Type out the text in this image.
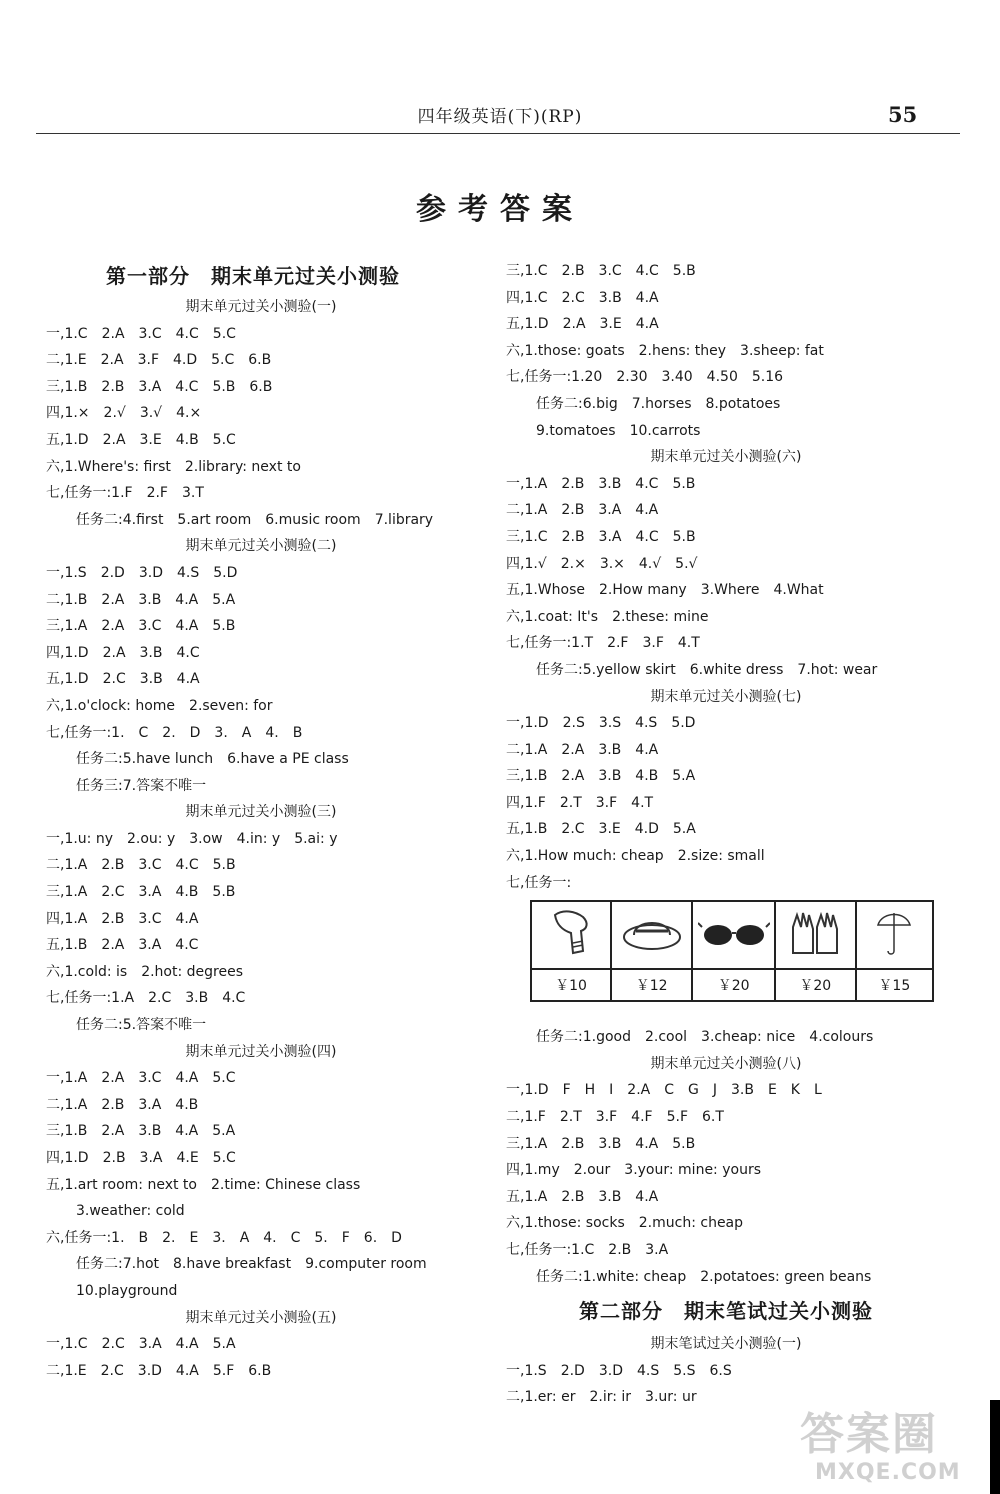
四年级英语(下)(RP)	55
参考答案
第一部分　期末单元过关小测验
期末单元过关小测验(一)
一,1.C　2.A　3.C　4.C　5.C
二,1.E　2.A　3.F　4.D　5.C　6.B
三,1.B　2.B　3.A　4.C　5.B　6.B
四,1.×　2.√　3.√　4.×
五,1.D　2.A　3.E　4.B　5.C
六,1.Where's: first　2.library: next to
七,任务一:1.F　2.F　3.T
任务二:4.first　5.art room　6.music room　7.library
期末单元过关小测验(二)
一,1.S　2.D　3.D　4.S　5.D
二,1.B　2.A　3.B　4.A　5.A
三,1.A　2.A　3.C　4.A　5.B
四,1.D　2.A　3.B　4.C
五,1.D　2.C　3.B　4.A
六,1.o'clock: home　2.seven: for
七,任务一:1.　C　2.　D　3.　A　4.　B
任务二:5.have lunch　6.have a PE class
任务三:7.答案不唯一
期末单元过关小测验(三)
一,1.u: ny　2.ou: y　3.ow　4.in: y　5.ai: y
二,1.A　2.B　3.C　4.C　5.B
三,1.A　2.C　3.A　4.B　5.B
四,1.A　2.B　3.C　4.A
五,1.B　2.A　3.A　4.C
六,1.cold: is　2.hot: degrees
七,任务一:1.A　2.C　3.B　4.C
任务二:5.答案不唯一
期末单元过关小测验(四)
一,1.A　2.A　3.C　4.A　5.C
二,1.A　2.B　3.A　4.B
三,1.B　2.A　3.B　4.A　5.A
四,1.D　2.B　3.A　4.E　5.C
五,1.art room: next to　2.time: Chinese class
3.weather: cold
六,任务一:1.　B　2.　E　3.　A　4.　C　5.　F　6.　D
任务二:7.hot　8.have breakfast　9.computer room
10.playground
期末单元过关小测验(五)
一,1.C　2.C　3.A　4.A　5.A
二,1.E　2.C　3.D　4.A　5.F　6.B
三,1.C　2.B　3.C　4.C　5.B
四,1.C　2.C　3.B　4.A
五,1.D　2.A　3.E　4.A
六,1.those: goats　2.hens: they　3.sheep: fat
七,任务一:1.20　2.30　3.40　4.50　5.16
任务二:6.big　7.horses　8.potatoes
9.tomatoes　10.carrots
期末单元过关小测验(六)
一,1.A　2.B　3.B　4.C　5.B
二,1.A　2.B　3.A　4.A
三,1.C　2.B　3.A　4.C　5.B
四,1.√　2.×　3.×　4.√　5.√
五,1.Whose　2.How many　3.Where　4.What
六,1.coat: It's　2.these: mine
七,任务一:1.T　2.F　3.F　4.T
任务二:5.yellow skirt　6.white dress　7.hot: wear
期末单元过关小测验(七)
一,1.D　2.S　3.S　4.S　5.D
二,1.A　2.A　3.B　4.A
三,1.B　2.A　3.B　4.B　5.A
四,1.F　2.T　3.F　4.T
五,1.B　2.C　3.E　4.D　5.A
六,1.How much: cheap　2.size: small
七,任务一:

￥10	￥12	￥20	￥20	￥15
任务二:1.good　2.cool　3.cheap: nice　4.colours
期末单元过关小测验(八)
一,1.D　F　H　I　2.A　C　G　J　3.B　E　K　L
二,1.F　2.T　3.F　4.F　5.F　6.T
三,1.A　2.B　3.B　4.A　5.B
四,1.my　2.our　3.your: mine: yours
五,1.A　2.B　3.B　4.A
六,1.those: socks　2.much: cheap
七,任务一:1.C　2.B　3.A
任务二:1.white: cheap　2.potatoes: green beans
第二部分　期末笔试过关小测验
期末笔试过关小测验(一)
一,1.S　2.D　3.D　4.S　5.S　6.S
二,1.er: er　2.ir: ir　3.ur: ur
答案圈
MXQE.COM
